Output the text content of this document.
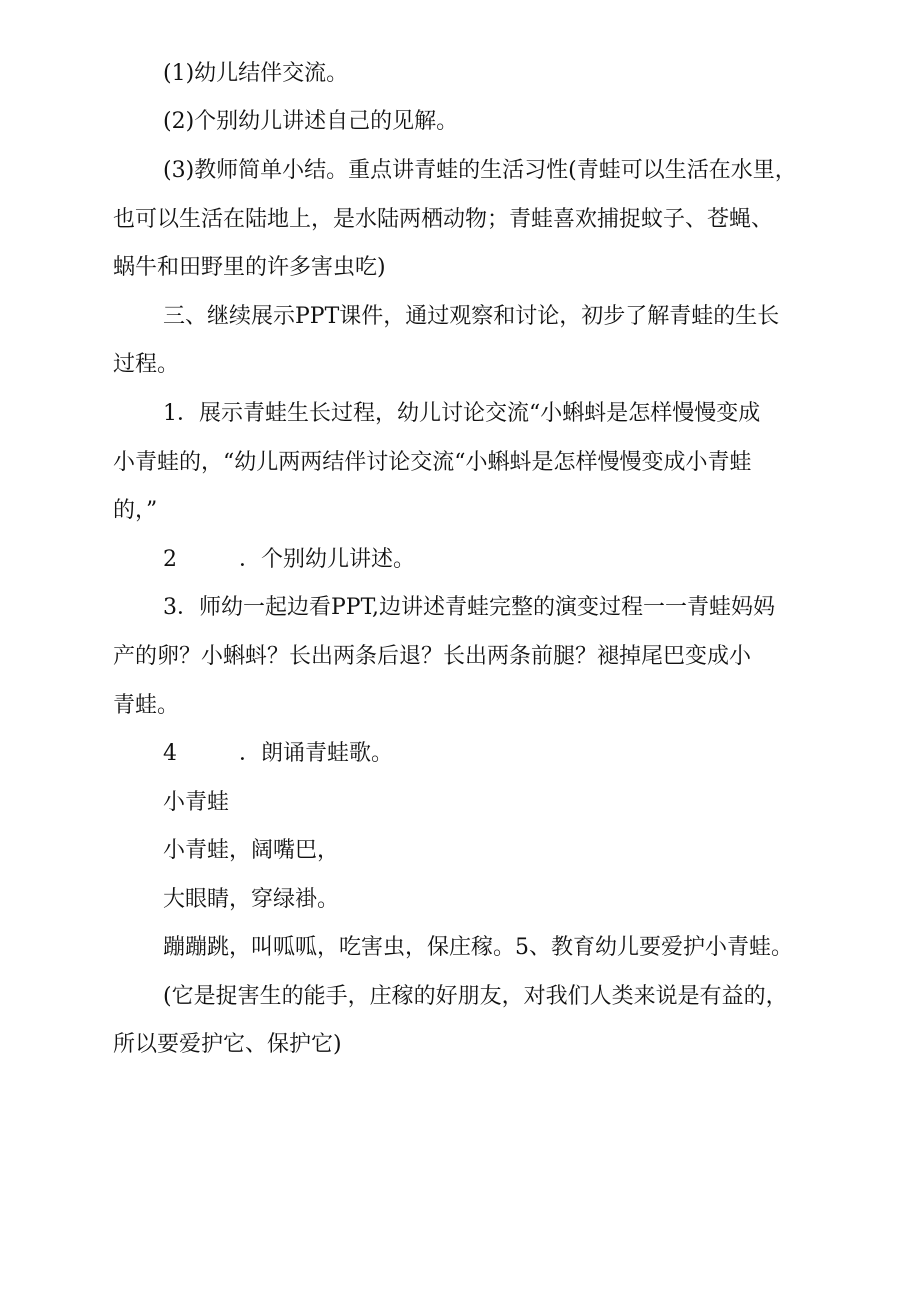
(1)幼儿结伴交流。
(2)个别幼儿讲述自己的见解。
(3)教师简单小结。重点讲青蛙的生活习性(青蛙可以生活在水里，
也可以生活在陆地上，是水陆两栖动物；青蛙喜欢捕捉蚊子、苍蝇、
蜗牛和田野里的许多害虫吃)
三、继续展示PPT课件，通过观察和讨论，初步了解青蛙的生长
过程。
1．展示青蛙生长过程，幼儿讨论交流“小蝌蚪是怎样慢慢变成
小青蛙的，“幼儿两两结伴讨论交流“小蝌蚪是怎样慢慢变成小青蛙
的，”
2	．个别幼儿讲述。
3．师幼一起边看PPT,边讲述青蛙完整的演变过程一一青蛙妈妈
产的卵？小蝌蚪？长出两条后退？长出两条前腿？褪掉尾巴变成小
青蛙。
4	．朗诵青蛙歌。
小青蛙
小青蛙，阔嘴巴，
大眼睛，穿绿褂。
蹦蹦跳，叫呱呱，吃害虫，保庄稼。5、教育幼儿要爱护小青蛙。
(它是捉害生的能手，庄稼的好朋友，对我们人类来说是有益的，
所以要爱护它、保护它)
